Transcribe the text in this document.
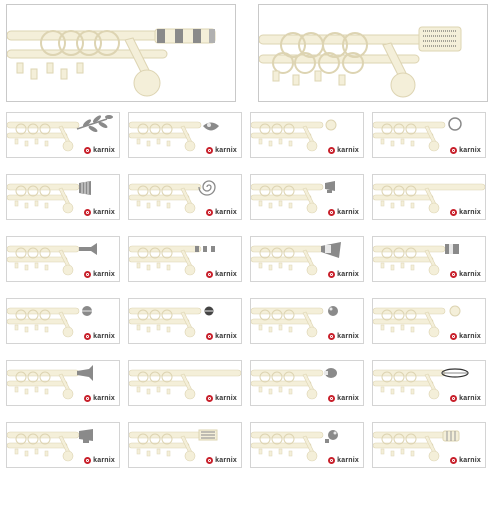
karnix	karnix	karnix	karnix
karnix	karnix	karnix	karnix
karnix	karnix	karnix	karnix
karnix	karnix	karnix	karnix
karnix	karnix	karnix	karnix
karnix	karnix	karnix	karnix
